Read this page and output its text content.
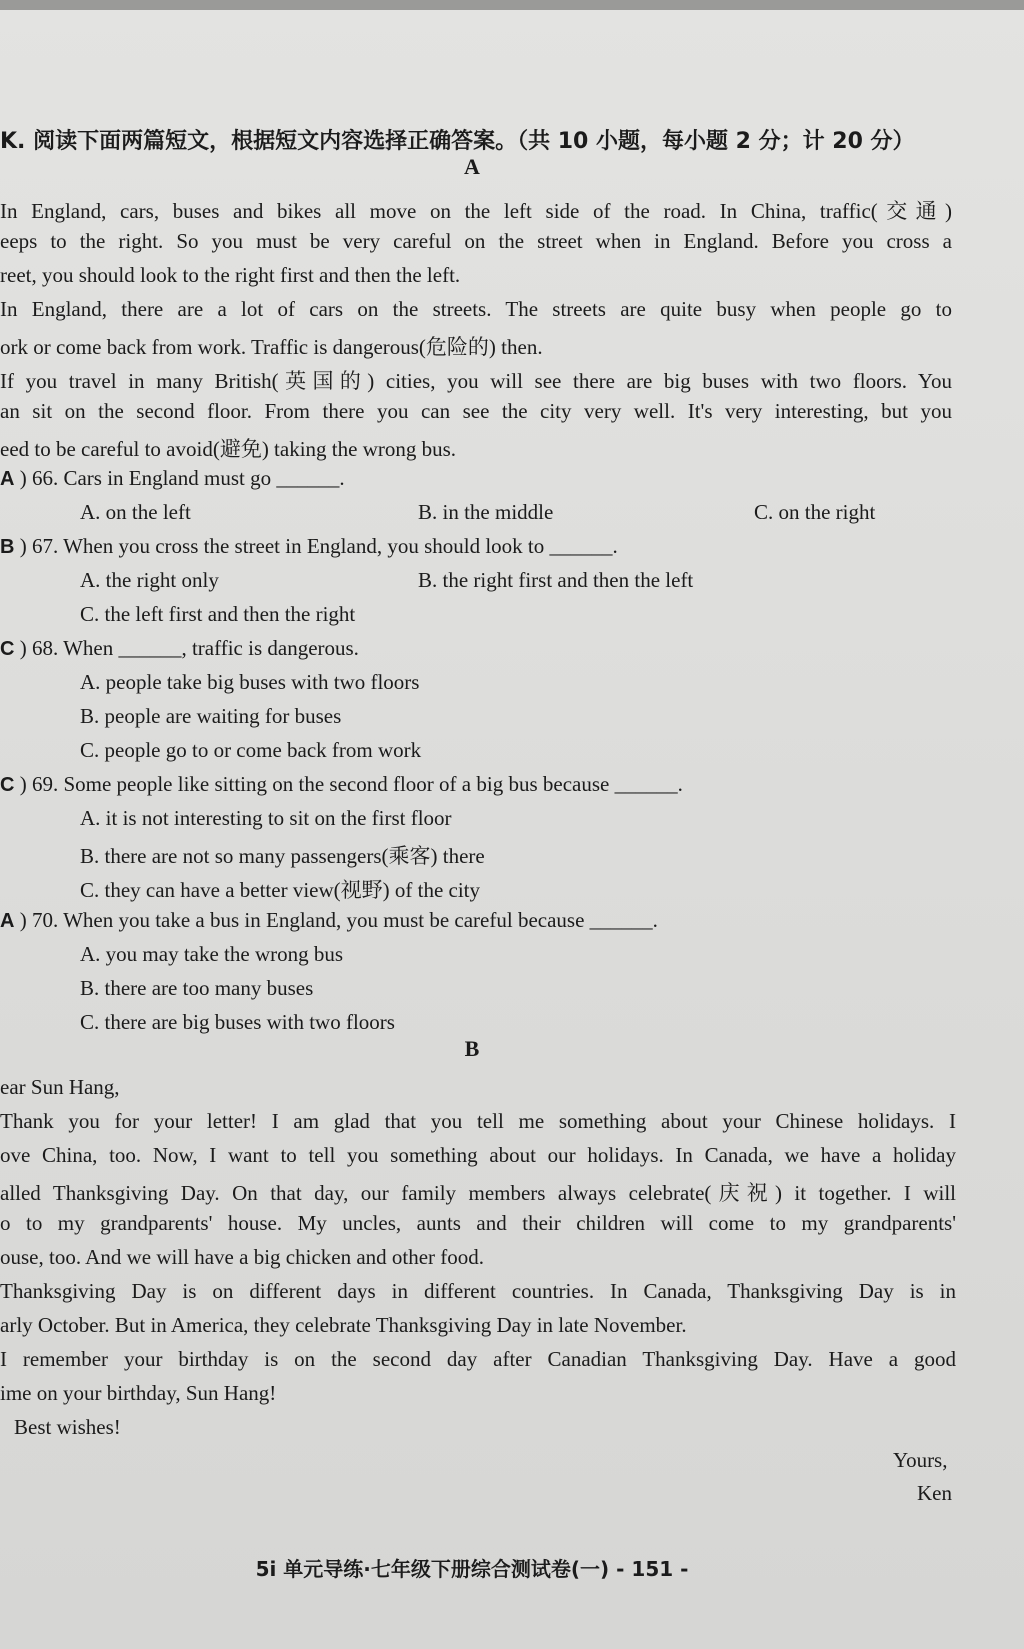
K. 阅读下面两篇短文，根据短文内容选择正确答案。（共 10 小题，每小题 2 分；计 20 分）
A
In England, cars, buses and bikes all move on the left side of the road. In China, traffic(交通)
eeps to the right. So you must be very careful on the street when in England. Before you cross a
reet, you should look to the right first and then the left.
In England, there are a lot of cars on the streets. The streets are quite busy when people go to
ork or come back from work. Traffic is dangerous(危险的) then.
If you travel in many British(英国的) cities, you will see there are big buses with two floors. You
an sit on the second floor. From there you can see the city very well. It's very interesting, but you
eed to be careful to avoid(避免) taking the wrong bus.
A ) 66. Cars in England must go ______.
A. on the left	B. in the middle	C. on the right
B ) 67. When you cross the street in England, you should look to ______.
A. the right only	B. the right first and then the left
C. the left first and then the right
C ) 68. When ______, traffic is dangerous.
A. people take big buses with two floors
B. people are waiting for buses
C. people go to or come back from work
C ) 69. Some people like sitting on the second floor of a big bus because ______.
A. it is not interesting to sit on the first floor
B. there are not so many passengers(乘客) there
C. they can have a better view(视野) of the city
A ) 70. When you take a bus in England, you must be careful because ______.
A. you may take the wrong bus
B. there are too many buses
C. there are big buses with two floors
B
ear Sun Hang,
Thank you for your letter! I am glad that you tell me something about your Chinese holidays. I
ove China, too. Now, I want to tell you something about our holidays. In Canada, we have a holiday
alled Thanksgiving Day. On that day, our family members always celebrate(庆祝) it together. I will
o to my grandparents' house. My uncles, aunts and their children will come to my grandparents'
ouse, too. And we will have a big chicken and other food.
Thanksgiving Day is on different days in different countries. In Canada, Thanksgiving Day is in
arly October. But in America, they celebrate Thanksgiving Day in late November.
I remember your birthday is on the second day after Canadian Thanksgiving Day. Have a good
ime on your birthday, Sun Hang!
Best wishes!
Yours,
Ken
5i 单元导练·七年级下册综合测试卷(一) - 151 -
